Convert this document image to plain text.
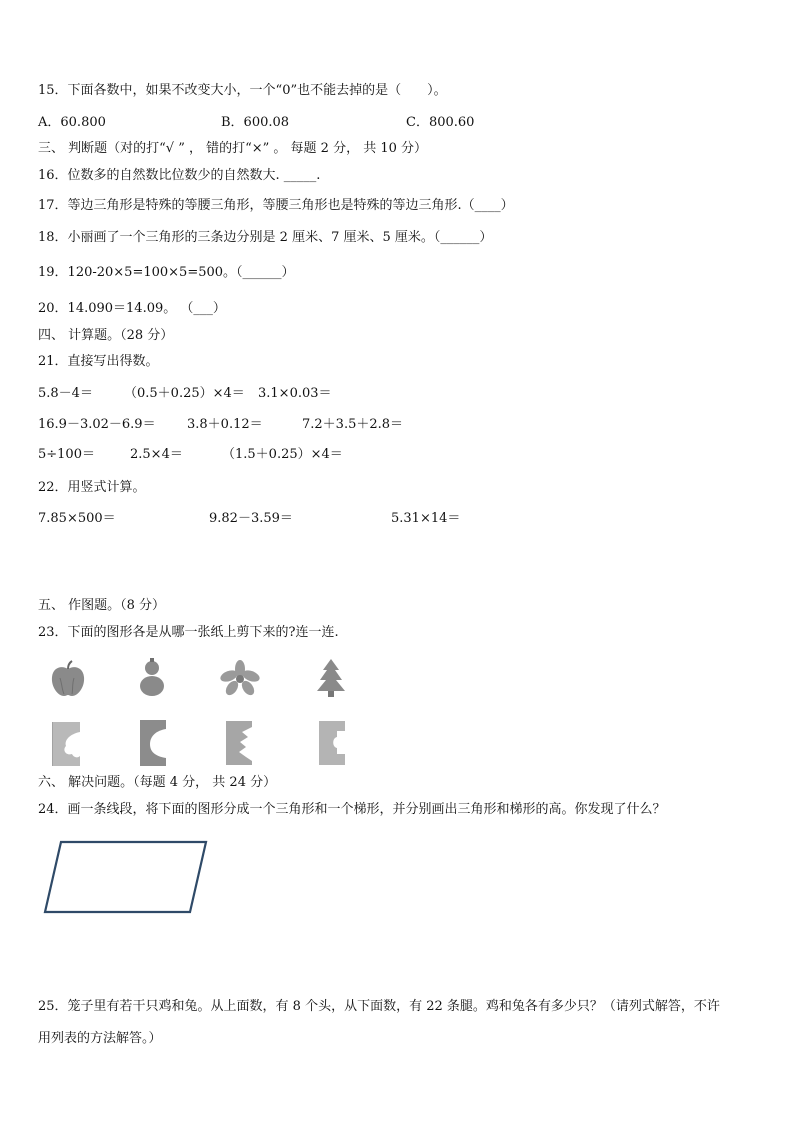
15．下面各数中，如果不改变大小，一个“0”也不能去掉的是（　　）。
A．60.800	B．600.08	C．800.60
三、 判断题（对的打“√ ” ， 错的打“×” 。 每题 2 分， 共 10 分）
16．位数多的自然数比位数少的自然数大. _____.
17．等边三角形是特殊的等腰三角形，等腰三角形也是特殊的等边三角形.（____）
18．小丽画了一个三角形的三条边分别是 2 厘米、7 厘米、5 厘米。（______）
19．120-20×5=100×5=500。（______）
20．14.090＝14.09。 （___）
四、 计算题。（28 分）
21．直接写出得数。
5.8－4＝ （0.5＋0.25）×4＝ 3.1×0.03＝
16.9－3.02－6.9＝ 3.8＋0.12＝	7.2＋3.5＋2.8＝
5÷100＝	2.5×4＝	（1.5＋0.25）×4＝
22．用竖式计算。
7.85×500＝	9.82－3.59＝	5.31×14＝
五、 作图题。（8 分）
23．下面的图形各是从哪一张纸上剪下来的?连一连.
六、 解决问题。（每题 4 分， 共 24 分）
24．画一条线段，将下面的图形分成一个三角形和一个梯形，并分别画出三角形和梯形的高。你发现了什么？
25．笼子里有若干只鸡和兔。从上面数，有 8 个头，从下面数，有 22 条腿。鸡和兔各有多少只？（请列式解答，不许
用列表的方法解答。）
